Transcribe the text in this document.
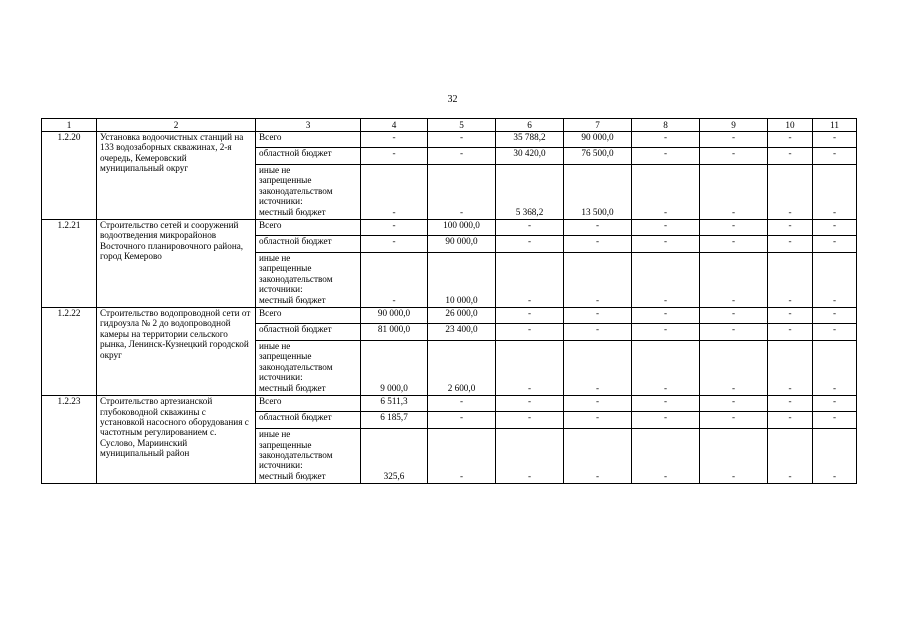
32
1	2	3	4	5	6	7	8	9	10	11
1.2.20	Установка водоочистных станций на 133 водозаборных скважинах, 2-я очередь, Кемеровский муниципальный округ	Всего	-	-	35 788,2	90 000,0	-	-	-	-
		областной бюджет	-	-	30 420,0	76 500,0	-	-	-	-

		иные не
запрещенные
законодательством
источники:
местный бюджет	-	-	5 368,2	13 500,0	-	-	-	-
1.2.21	Строительство сетей и сооружений водоотведения микрорайонов Восточного планировочного района, город Кемерово	Всего	-	100 000,0	-	-	-	-	-	-
		областной бюджет	-	90 000,0	-	-	-	-	-	-

		иные не
запрещенные
законодательством
источники:
местный бюджет	-	10 000,0	-	-	-	-	-	-
1.2.22	Строительство водопроводной сети от гидроузла № 2 до водопроводной камеры на территории сельского рынка, Ленинск-Кузнецкий городской округ	Всего	90 000,0	26 000,0	-	-	-	-	-	-
		областной бюджет	81 000,0	23 400,0	-	-	-	-	-	-

		иные не
запрещенные
законодательством
источники:
местный бюджет	9 000,0	2 600,0	-	-	-	-	-	-
1.2.23	Строительство артезианской глубоководной скважины с установкой насосного оборудования с частотным регулированием с. Суслово, Мариинский муниципальный район	Всего	6 511,3	-	-	-	-	-	-	-
		областной бюджет	6 185,7	-	-	-	-	-	-	-

		иные не
запрещенные
законодательством
источники:
местный бюджет	325,6	-	-	-	-	-	-	-
